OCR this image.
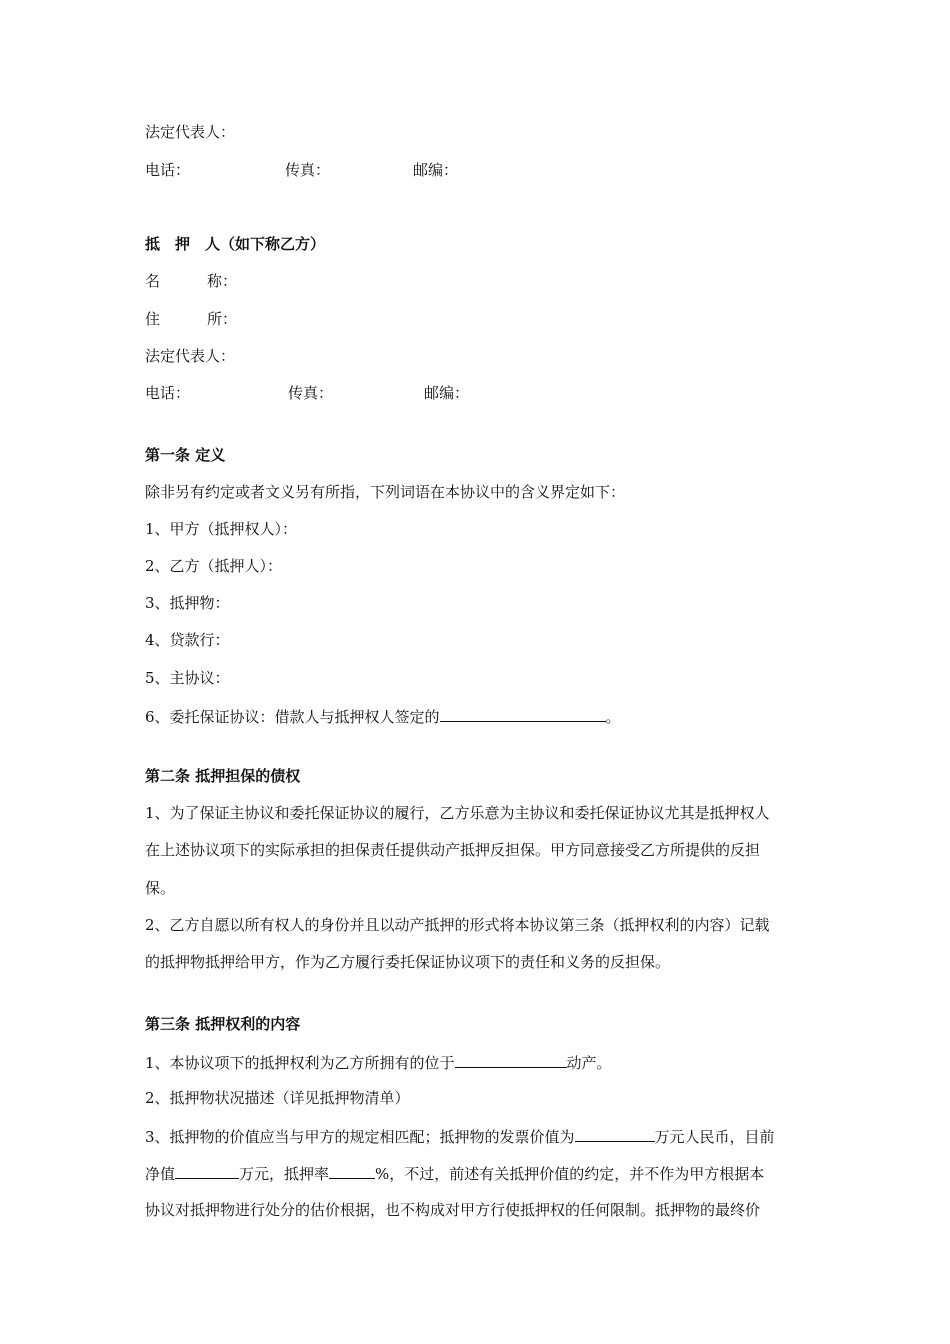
法定代表人：
电话：	传真：	邮编：
抵　押　人（如下称乙方）
名	称：
住	所：
法定代表人：
电话：	传真：	邮编：
第一条 定义
除非另有约定或者文义另有所指，下列词语在本协议中的含义界定如下：
1、甲方（抵押权人）：
2、乙方（抵押人）：
3、抵押物：
4、贷款行：
5、主协议：
6、委托保证协议：借款人与抵押权人签定的	。
第二条 抵押担保的债权
1、为了保证主协议和委托保证协议的履行，乙方乐意为主协议和委托保证协议尤其是抵押权人
在上述协议项下的实际承担的担保责任提供动产抵押反担保。甲方同意接受乙方所提供的反担
保。
2、乙方自愿以所有权人的身份并且以动产抵押的形式将本协议第三条（抵押权利的内容）记载
的抵押物抵押给甲方，作为乙方履行委托保证协议项下的责任和义务的反担保。
第三条 抵押权利的内容
1、本协议项下的抵押权利为乙方所拥有的位于	动产。
2、抵押物状况描述（详见抵押物清单）
3、抵押物的价值应当与甲方的规定相匹配；抵押物的发票价值为	万元人民币，目前
净值	万元，抵押率	%，不过，前述有关抵押价值的约定，并不作为甲方根据本
协议对抵押物进行处分的估价根据，也不构成对甲方行使抵押权的任何限制。抵押物的最终价
